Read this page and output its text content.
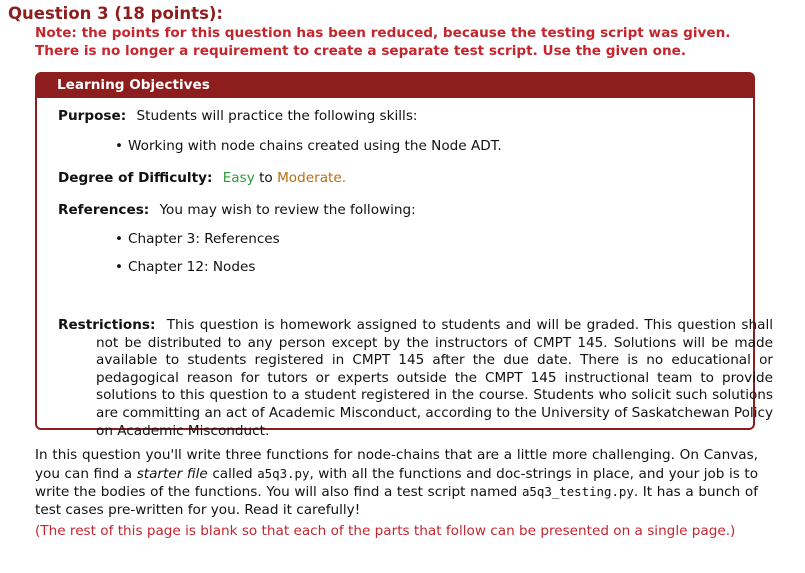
Question 3 (18 points):
Note: the points for this question has been reduced, because the testing script was given. There is no longer a requirement to create a separate test script. Use the given one.
Learning Objectives
Purpose: Students will practice the following skills:
• Working with node chains created using the Node ADT.
Degree of Difficulty: Easy to Moderate.
References: You may wish to review the following:
• Chapter 3: References
• Chapter 12: Nodes
Restrictions: This question is homework assigned to students and will be graded. This question shall not be distributed to any person except by the instructors of CMPT 145. Solutions will be made available to students registered in CMPT 145 after the due date. There is no educational or pedagogical reason for tutors or experts outside the CMPT 145 instructional team to provide solutions to this question to a student registered in the course. Students who solicit such solutions are committing an act of Academic Misconduct, according to the University of Saskatchewan Policy on Academic Misconduct.
In this question you'll write three functions for node-chains that are a little more challenging. On Canvas, you can find a starter file called a5q3.py, with all the functions and doc-strings in place, and your job is to write the bodies of the functions. You will also find a test script named a5q3_testing.py. It has a bunch of test cases pre-written for you. Read it carefully!
(The rest of this page is blank so that each of the parts that follow can be presented on a single page.)
